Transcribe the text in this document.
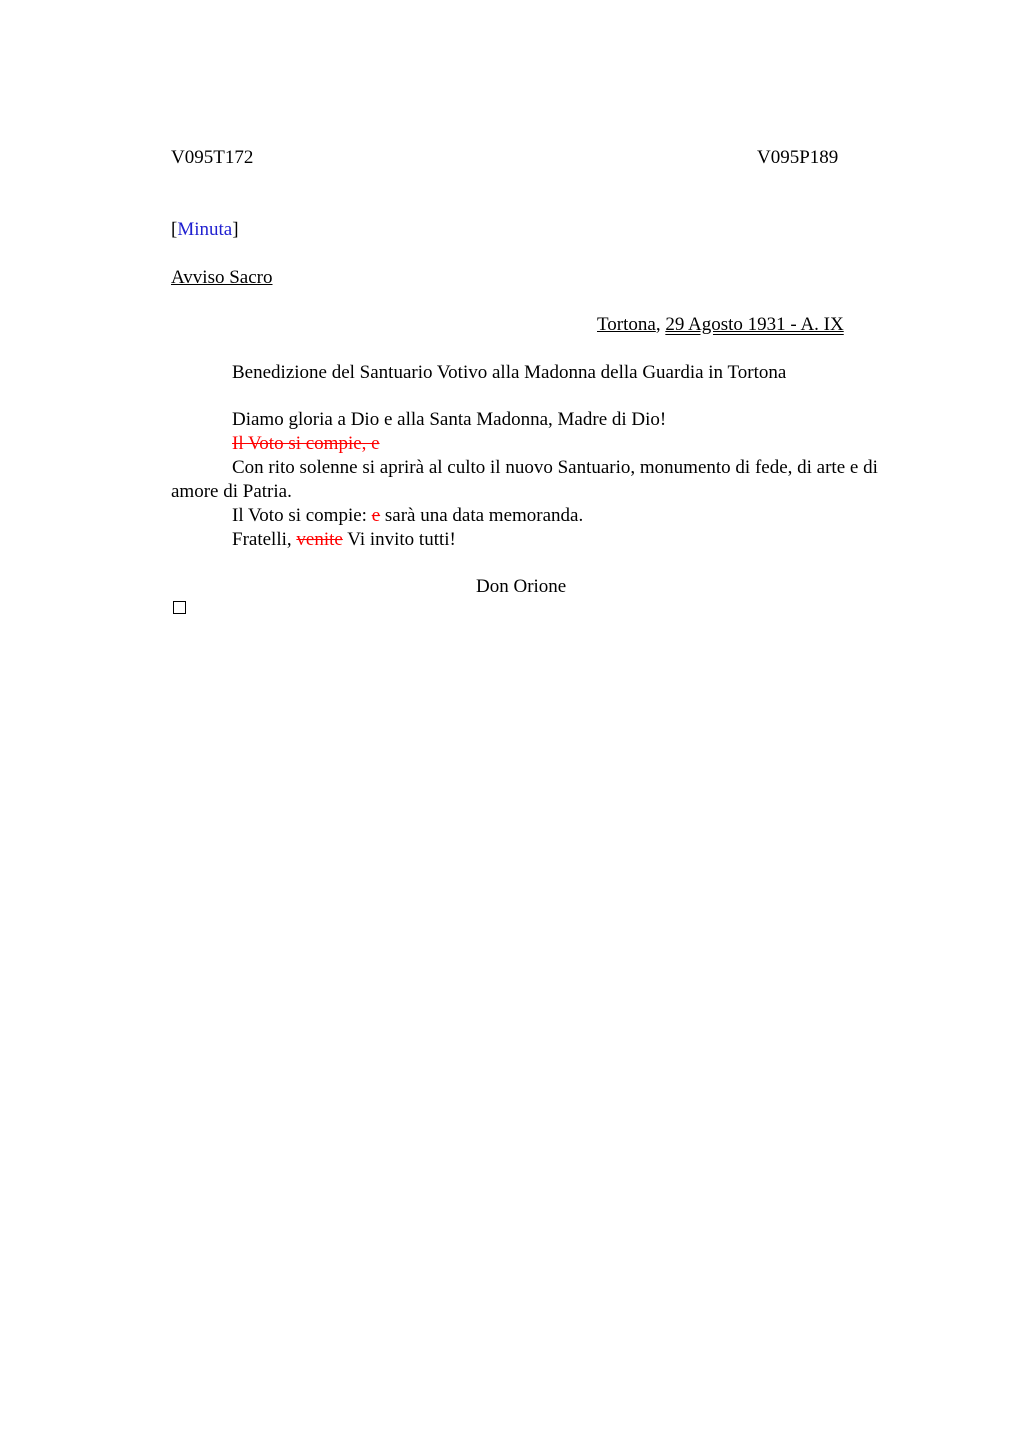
V095T172	V095P189
[Minuta]
Avviso Sacro
Tortona, 29 Agosto 1931 - A. IX
Benedizione del Santuario Votivo alla Madonna della Guardia in Tortona
Diamo gloria a Dio e alla Santa Madonna, Madre di Dio!
Il Voto si compie, e
Con rito solenne si aprirà al culto il nuovo Santuario, monumento di fede, di arte e di amore di Patria.
Il Voto si compie: e sarà una data memoranda.
Fratelli, venite Vi invito tutti!
Don Orione
